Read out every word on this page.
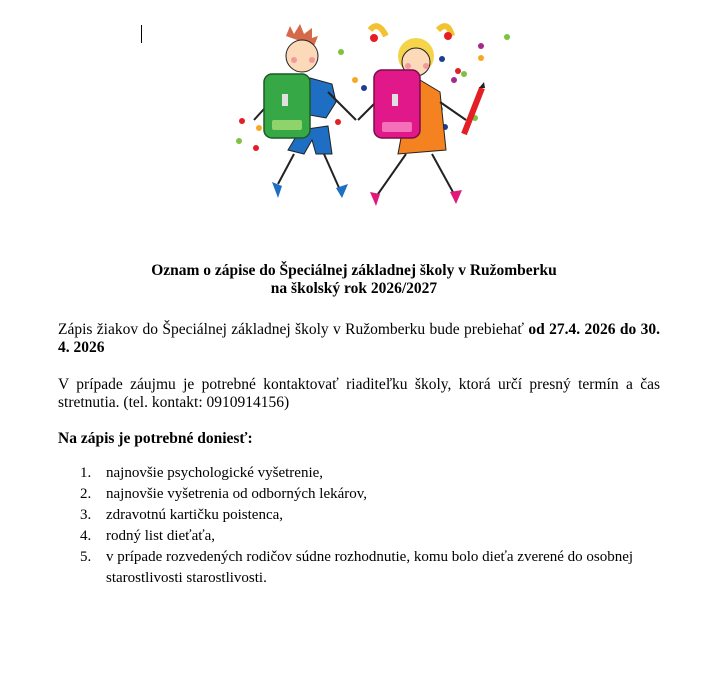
Oznam o zápise do Špeciálnej základnej školy v Ružomberku
na školský rok 2026/2027
Zápis žiakov do Špeciálnej základnej školy v Ružomberku bude prebiehať od 27.4. 2026 do 30. 4. 2026
V prípade záujmu je potrebné kontaktovať riaditeľku školy, ktorá určí presný termín a čas stretnutia. (tel. kontakt: 0910914156)
Na zápis je potrebné doniesť:
1. najnovšie psychologické vyšetrenie,
2. najnovšie vyšetrenia od odborných lekárov,
3. zdravotnú kartičku poistenca,
4. rodný list dieťaťa,
5. v prípade rozvedených rodičov súdne rozhodnutie, komu bolo dieťa zverené do osobnej starostlivosti starostlivosti.
